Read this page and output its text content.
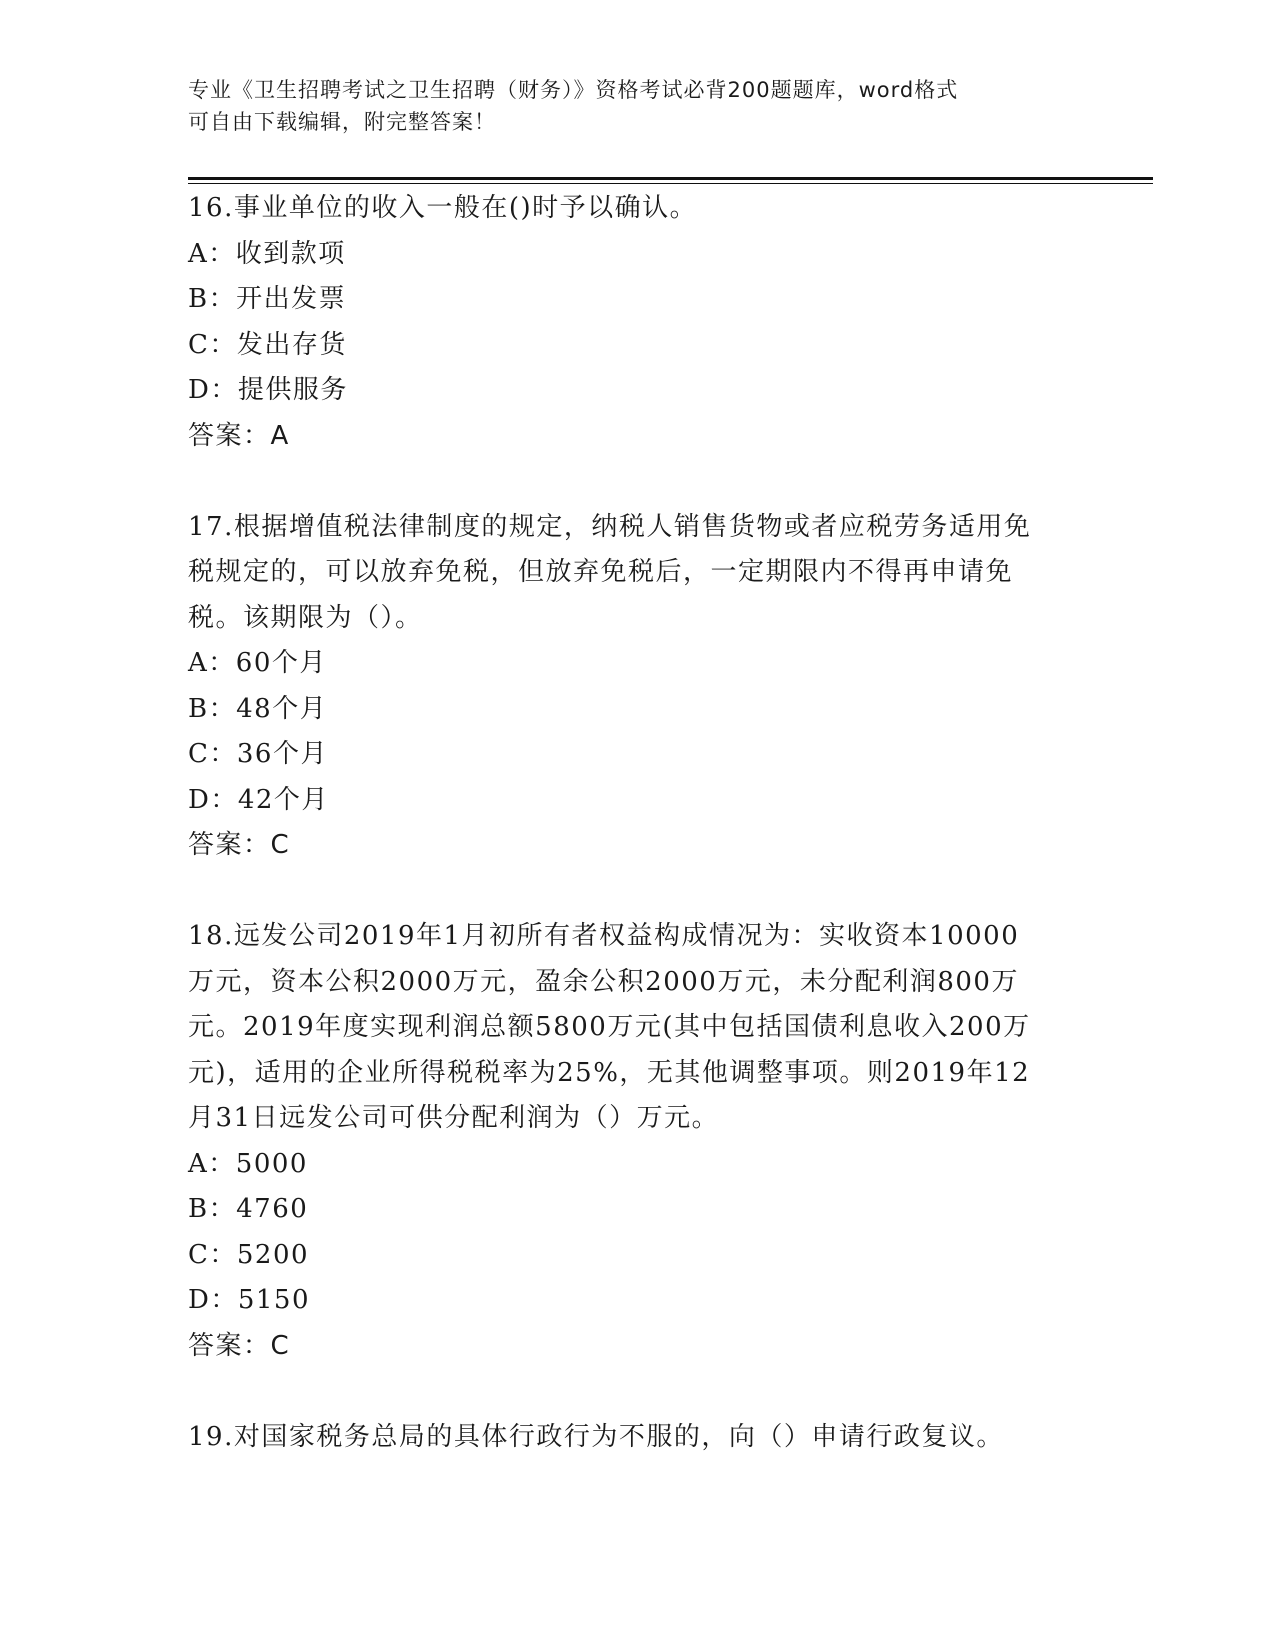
专业《卫生招聘考试之卫生招聘（财务）》资格考试必背200题题库，word格式
可自由下载编辑，附完整答案！
16.事业单位的收入一般在()时予以确认。
A：收到款项
B：开出发票
C：发出存货
D：提供服务
答案：A
17.根据增值税法律制度的规定，纳税人销售货物或者应税劳务适用免
税规定的，可以放弃免税，但放弃免税后，一定期限内不得再申请免
税。该期限为（）。
A：60个月
B：48个月
C：36个月
D：42个月
答案：C
18.远发公司2019年1月初所有者权益构成情况为：实收资本10000
万元，资本公积2000万元，盈余公积2000万元，未分配利润800万
元。2019年度实现利润总额5800万元(其中包括国债利息收入200万
元)，适用的企业所得税税率为25%，无其他调整事项。则2019年12
月31日远发公司可供分配利润为（）万元。
A：5000
B：4760
C：5200
D：5150
答案：C
19.对国家税务总局的具体行政行为不服的，向（）申请行政复议。
